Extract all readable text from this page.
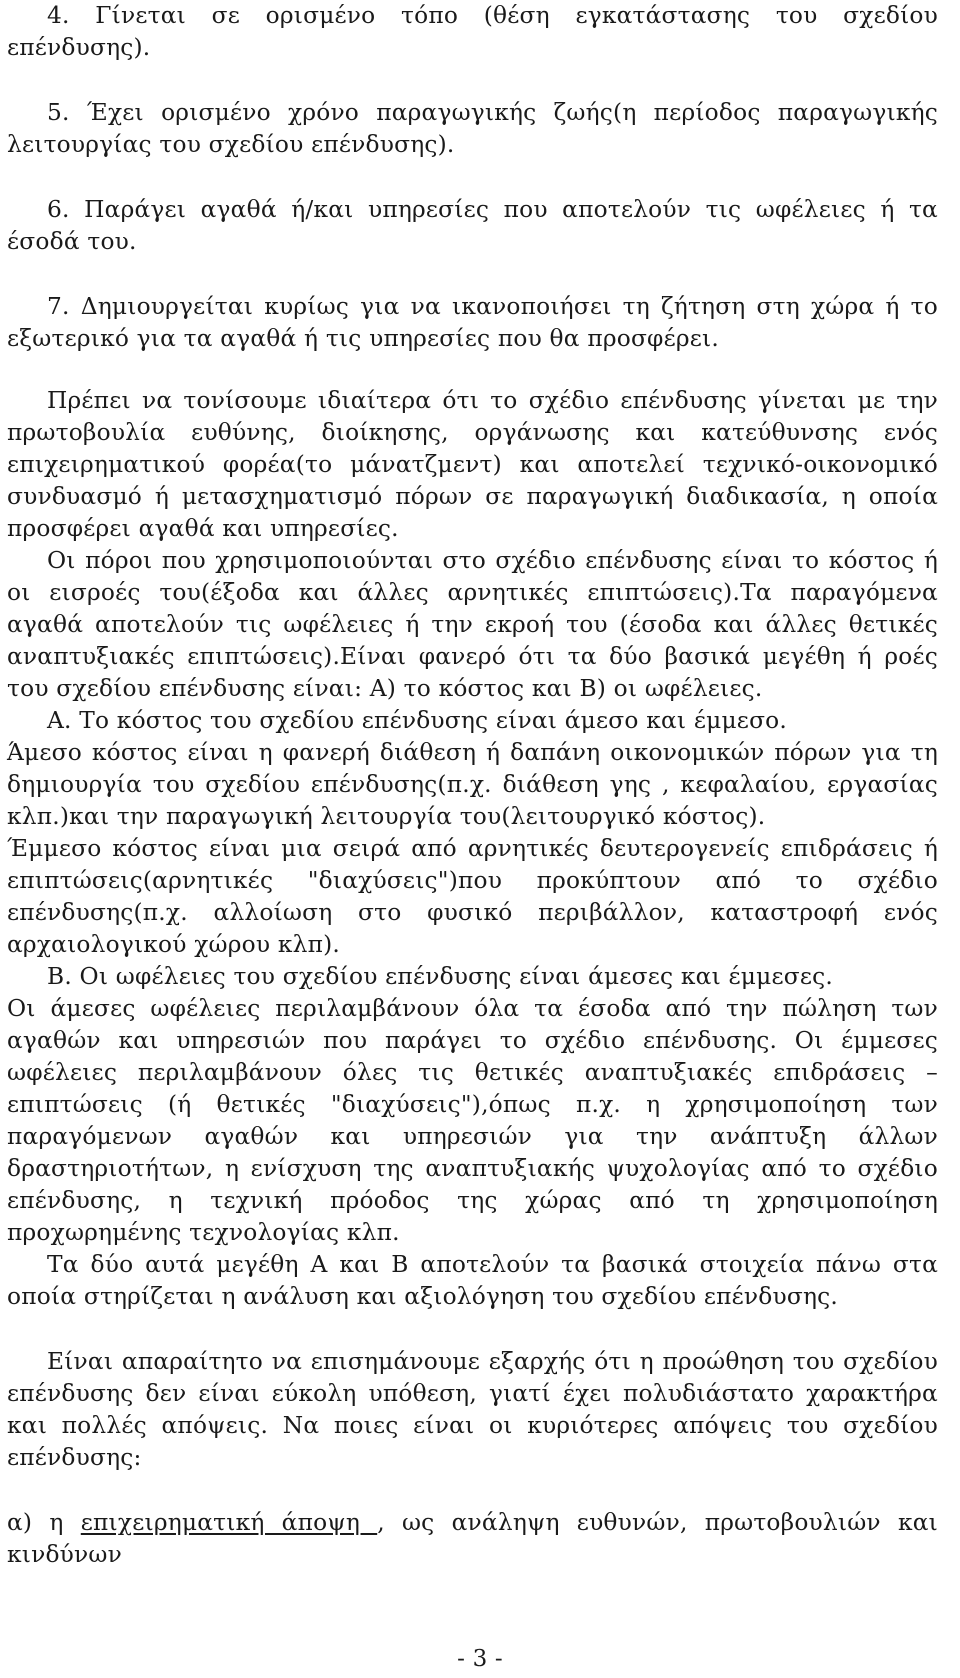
4. Γίνεται σε ορισμένο τόπο (θέση εγκατάστασης του σχεδίου επένδυσης).

5. Έχει ορισμένο χρόνο παραγωγικής ζωής(η περίοδος παραγωγικής λειτουργίας του σχεδίου επένδυσης).

6. Παράγει αγαθά ή/και υπηρεσίες που αποτελούν τις ωφέλειες ή τα έσοδά του.

7. Δημιουργείται κυρίως για να ικανοποιήσει τη ζήτηση στη χώρα ή το εξωτερικό για τα αγαθά ή τις υπηρεσίες που θα προσφέρει.

Πρέπει να τονίσουμε ιδιαίτερα ότι το σχέδιο επένδυσης γίνεται με την πρωτοβουλία ευθύνης, διοίκησης, οργάνωσης και κατεύθυνσης ενός επιχειρηματικού φορέα(το μάνατζμεντ) και αποτελεί τεχνικό-οικονομικό συνδυασμό ή μετασχηματισμό πόρων σε παραγωγική διαδικασία, η οποία προσφέρει αγαθά και υπηρεσίες.

Οι πόροι που χρησιμοποιούνται στο σχέδιο επένδυσης είναι το κόστος ή οι εισροές του(έξοδα και άλλες αρνητικές επιπτώσεις).Τα παραγόμενα αγαθά αποτελούν τις ωφέλειες ή την εκροή του (έσοδα και άλλες θετικές αναπτυξιακές επιπτώσεις).Είναι φανερό ότι τα δύο βασικά μεγέθη ή ροές του σχεδίου επένδυσης είναι: Α) το κόστος και Β) οι ωφέλειες.

Α. Το κόστος του σχεδίου επένδυσης είναι άμεσο και έμμεσο.

Άμεσο κόστος είναι η φανερή διάθεση ή δαπάνη οικονομικών πόρων για τη δημιουργία του σχεδίου επένδυσης(π.χ. διάθεση γης , κεφαλαίου, εργασίας κλπ.)και την παραγωγική λειτουργία του(λειτουργικό κόστος).

Έμμεσο κόστος είναι μια σειρά από αρνητικές δευτερογενείς επιδράσεις ή επιπτώσεις(αρνητικές "διαχύσεις")που προκύπτουν από το σχέδιο επένδυσης(π.χ. αλλοίωση στο φυσικό περιβάλλον, καταστροφή ενός αρχαιολογικού χώρου κλπ).

Β. Οι ωφέλειες του σχεδίου επένδυσης είναι άμεσες και έμμεσες.

Οι άμεσες ωφέλειες περιλαμβάνουν όλα τα έσοδα από την πώληση των αγαθών και υπηρεσιών που παράγει το σχέδιο επένδυσης. Οι έμμεσες ωφέλειες περιλαμβάνουν όλες τις θετικές αναπτυξιακές επιδράσεις – επιπτώσεις (ή θετικές "διαχύσεις"),όπως π.χ. η χρησιμοποίηση των παραγόμενων αγαθών και υπηρεσιών για την ανάπτυξη άλλων δραστηριοτήτων, η ενίσχυση της αναπτυξιακής ψυχολογίας από το σχέδιο επένδυσης, η τεχνική πρόοδος της χώρας από τη χρησιμοποίηση προχωρημένης τεχνολογίας κλπ.

Τα δύο αυτά μεγέθη Α και Β αποτελούν τα βασικά στοιχεία πάνω στα οποία στηρίζεται η ανάλυση και αξιολόγηση του σχεδίου επένδυσης.

Είναι απαραίτητο να επισημάνουμε εξαρχής ότι η προώθηση του σχεδίου επένδυσης δεν είναι εύκολη υπόθεση, γιατί έχει πολυδιάστατο χαρακτήρα και πολλές απόψεις. Να ποιες είναι οι κυριότερες απόψεις του σχεδίου επένδυσης:

α) η επιχειρηματική άποψη , ως ανάληψη ευθυνών, πρωτοβουλιών και κινδύνων

- 3 -
